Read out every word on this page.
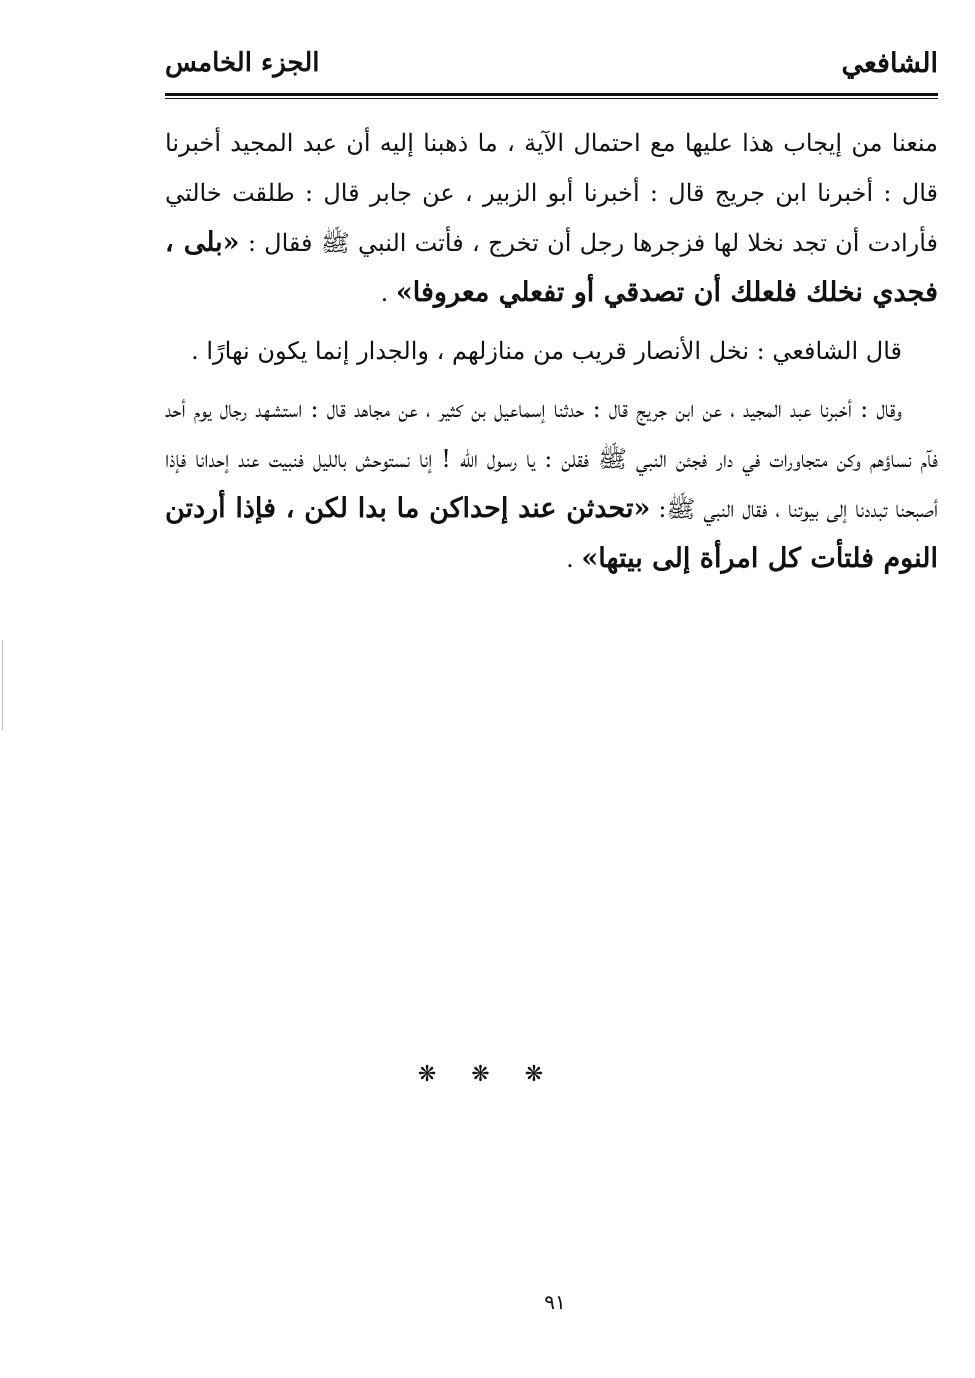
الشافعي
الجزء الخامس

منعنا من إيجاب هذا عليها مع احتمال الآية ، ما ذهبنا إليه أن عبد المجيد أخبرنا قال : أخبرنا ابن جريج قال : أخبرنا أبو الزبير ، عن جابر قال : طلقت خالتي فأرادت أن تجد نخلا لها فزجرها رجل أن تخرج ، فأتت النبي ﷺ فقال : «بلى ، فجدي نخلك فلعلك أن تصدقي أو تفعلي معروفا» .

قال الشافعي : نخل الأنصار قريب من منازلهم ، والجدار إنما يكون نهارًا .

وقال : أخبرنا عبد المجيد ، عن ابن جريج قال : حدثنا إسماعيل بن كثير ، عن مجاهد قال : استشهد رجال يوم أحد فآم نساؤهم وكن متجاورات في دار فجئن النبي ﷺ فقلن : يا رسول الله ! إنا نستوحش بالليل فنبيت عند إحدانا فإذا أصبحنا تبددنا إلى بيوتنا ، فقال النبي ﷺ: «تحدثن عند إحداكن ما بدا لكن ، فإذا أردتن النوم فلتأت كل امرأة إلى بيتها» .

❋ ❋ ❋
٩١
